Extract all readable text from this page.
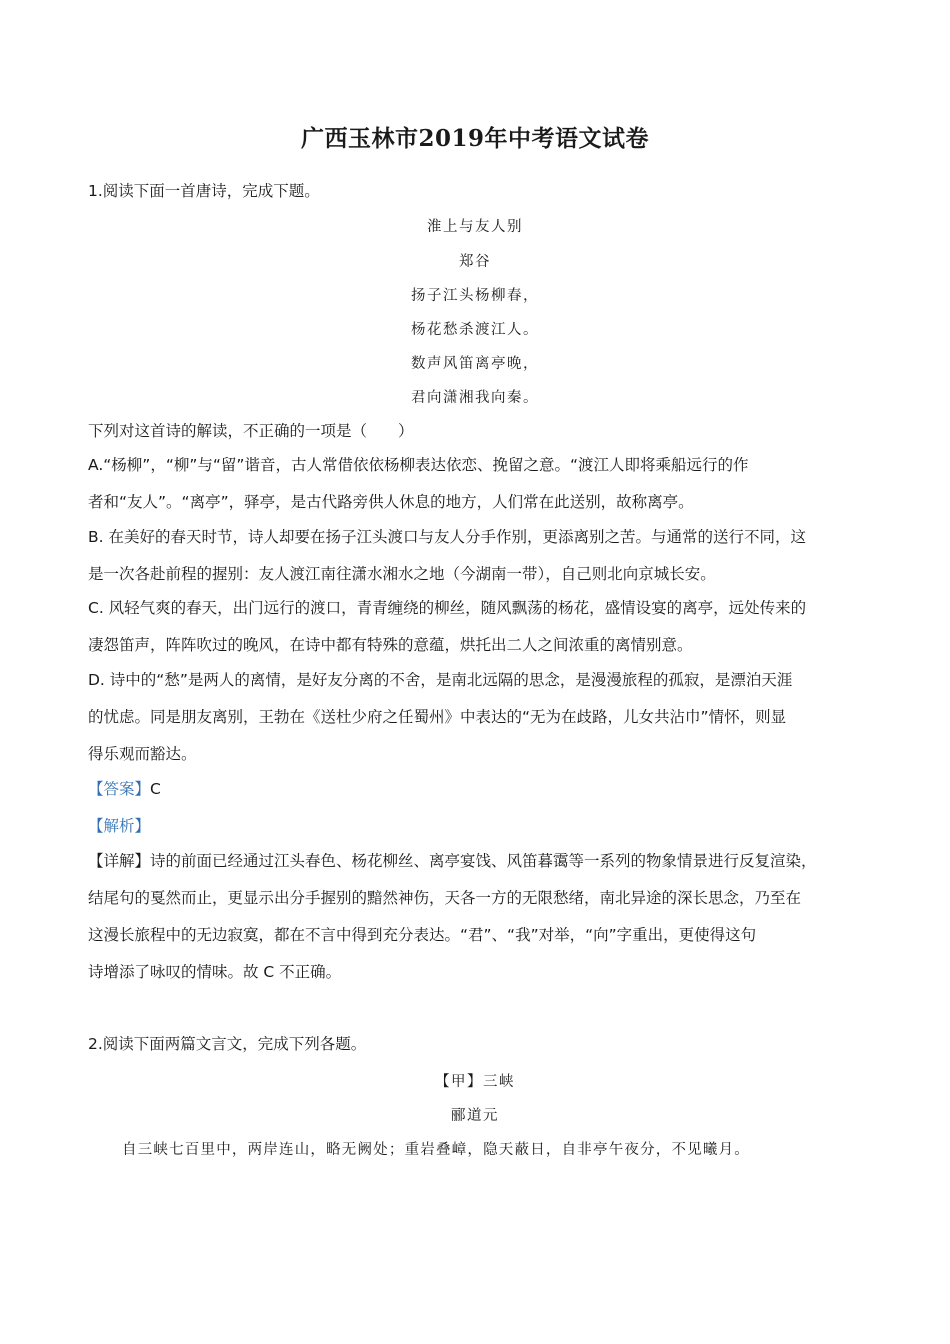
广西玉林市2019年中考语文试卷
1.阅读下面一首唐诗，完成下题。
淮上与友人别
郑谷
扬子江头杨柳春，
杨花愁杀渡江人。
数声风笛离亭晚，
君向潇湘我向秦。
下列对这首诗的解读，不正确的一项是（　　）
A.“杨柳”，“柳”与“留”谐音，古人常借依依杨柳表达依恋、挽留之意。“渡江人即将乘船远行的作
者和“友人”。“离亭”，驿亭，是古代路旁供人休息的地方，人们常在此送别，故称离亭。
B. 在美好的春天时节，诗人却要在扬子江头渡口与友人分手作别，更添离别之苦。与通常的送行不同，这
是一次各赴前程的握别：友人渡江南往潇水湘水之地（今湖南一带），自己则北向京城长安。
C. 风轻气爽的春天，出门远行的渡口，青青缠绕的柳丝，随风飘荡的杨花，盛情设宴的离亭，远处传来的
凄怨笛声，阵阵吹过的晚风，在诗中都有特殊的意蕴，烘托出二人之间浓重的离情别意。
D. 诗中的“愁”是两人的离情，是好友分离的不舍，是南北远隔的思念，是漫漫旅程的孤寂，是漂泊天涯
的忧虑。同是朋友离别，王勃在《送杜少府之任蜀州》中表达的“无为在歧路，儿女共沾巾”情怀，则显
得乐观而豁达。
【答案】C
【解析】
【详解】诗的前面已经通过江头春色、杨花柳丝、离亭宴饯、风笛暮霭等一系列的物象情景进行反复渲染，
结尾句的戛然而止，更显示出分手握别的黯然神伤，天各一方的无限愁绪，南北异途的深长思念，乃至在
这漫长旅程中的无边寂寞，都在不言中得到充分表达。“君”、“我”对举，“向”字重出，更使得这句
诗增添了咏叹的情味。故 C 不正确。
2.阅读下面两篇文言文，完成下列各题。
【甲】三峡
郦道元
自三峡七百里中，两岸连山，略无阙处；重岩叠嶂，隐天蔽日，自非亭午夜分，不见曦月。
